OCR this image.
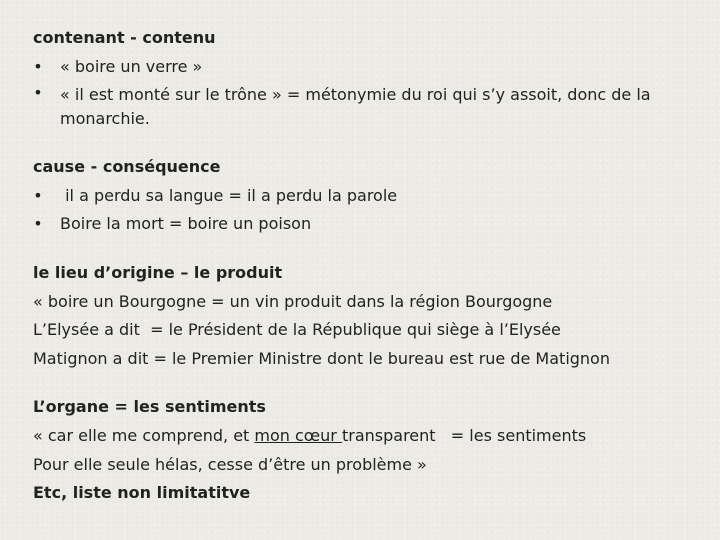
contenant - contenu
• « boire un verre »
• « il est monté sur le trône » = métonymie du roi qui s’y assoit, donc de la monarchie.
cause - conséquence
• il a perdu sa langue = il a perdu la parole
• Boire la mort = boire un poison
le lieu d’origine – le produit
« boire un Bourgogne = un vin produit dans la région Bourgogne
L’Elysée a dit  = le Président de la République qui siège à l’Elysée
Matignon a dit = le Premier Ministre dont le bureau est rue de Matignon
L’organe = les sentiments
« car elle me comprend, et mon cœur transparent   = les sentiments
Pour elle seule hélas, cesse d’être un problème »
Etc, liste non limitatitve
